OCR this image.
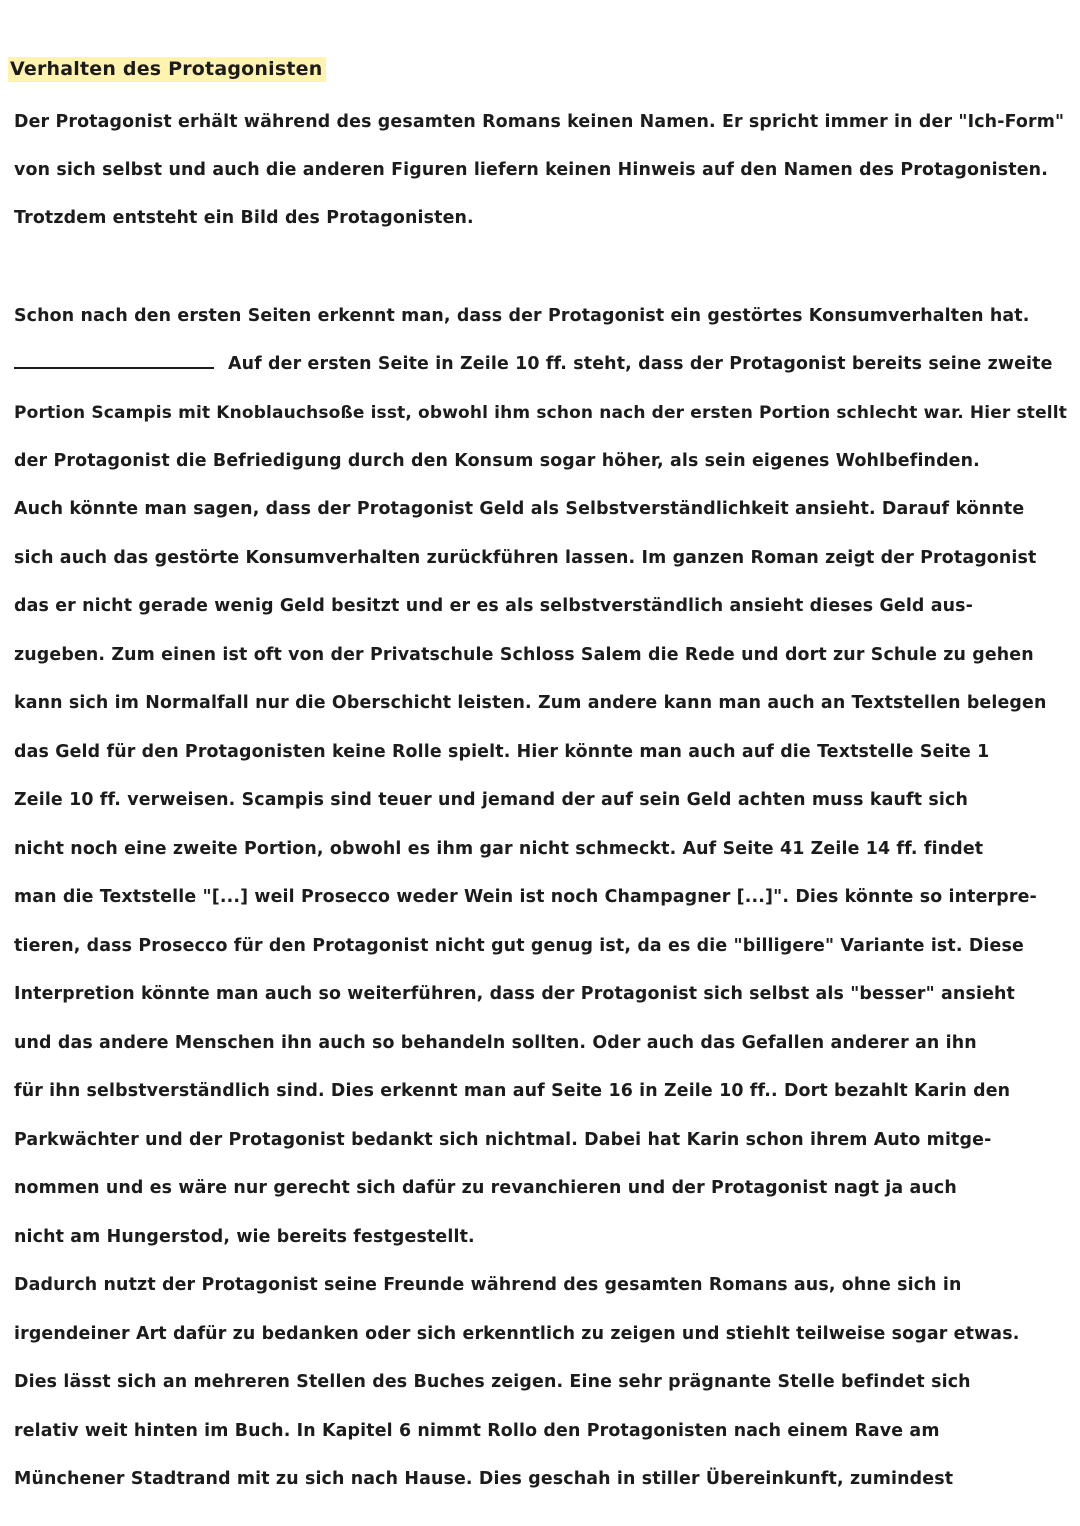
Verhalten des Protagonisten
Der Protagonist erhält während des gesamten Romans keinen Namen. Er spricht immer in der "Ich-Form"
von sich selbst und auch die anderen Figuren liefern keinen Hinweis auf den Namen des Protagonisten.
Trotzdem entsteht ein Bild des Protagonisten.
Schon nach den ersten Seiten erkennt man, dass der Protagonist ein gestörtes Konsumverhalten hat.
Auf der ersten Seite in Zeile 10 ff. steht, dass der Protagonist bereits seine zweite
Portion Scampis mit Knoblauchsoße isst, obwohl ihm schon nach der ersten Portion schlecht war. Hier stellt
der Protagonist die Befriedigung durch den Konsum sogar höher, als sein eigenes Wohlbefinden.
Auch könnte man sagen, dass der Protagonist Geld als Selbstverständlichkeit ansieht. Darauf könnte
sich auch das gestörte Konsumverhalten zurückführen lassen. Im ganzen Roman zeigt der Protagonist
das er nicht gerade wenig Geld besitzt und er es als selbstverständlich ansieht dieses Geld aus-
zugeben. Zum einen ist oft von der Privatschule Schloss Salem die Rede und dort zur Schule zu gehen
kann sich im Normalfall nur die Oberschicht leisten. Zum andere kann man auch an Textstellen belegen
das Geld für den Protagonisten keine Rolle spielt. Hier könnte man auch auf die Textstelle Seite 1
Zeile 10 ff. verweisen. Scampis sind teuer und jemand der auf sein Geld achten muss kauft sich
nicht noch eine zweite Portion, obwohl es ihm gar nicht schmeckt. Auf Seite 41 Zeile 14 ff. findet
man die Textstelle "[...] weil Prosecco weder Wein ist noch Champagner [...]". Dies könnte so interpre-
tieren, dass Prosecco für den Protagonist nicht gut genug ist, da es die "billigere" Variante ist. Diese
Interpretion könnte man auch so weiterführen, dass der Protagonist sich selbst als "besser" ansieht
und das andere Menschen ihn auch so behandeln sollten. Oder auch das Gefallen anderer an ihn
für ihn selbstverständlich sind. Dies erkennt man auf Seite 16 in Zeile 10 ff.. Dort bezahlt Karin den
Parkwächter und der Protagonist bedankt sich nichtmal. Dabei hat Karin schon ihrem Auto mitge-
nommen und es wäre nur gerecht sich dafür zu revanchieren und der Protagonist nagt ja auch
nicht am Hungerstod, wie bereits festgestellt.
Dadurch nutzt der Protagonist seine Freunde während des gesamten Romans aus, ohne sich in
irgendeiner Art dafür zu bedanken oder sich erkenntlich zu zeigen und stiehlt teilweise sogar etwas.
Dies lässt sich an mehreren Stellen des Buches zeigen. Eine sehr prägnante Stelle befindet sich
relativ weit hinten im Buch. In Kapitel 6 nimmt Rollo den Protagonisten nach einem Rave am
Münchener Stadtrand mit zu sich nach Hause. Dies geschah in stiller Übereinkunft, zumindest
